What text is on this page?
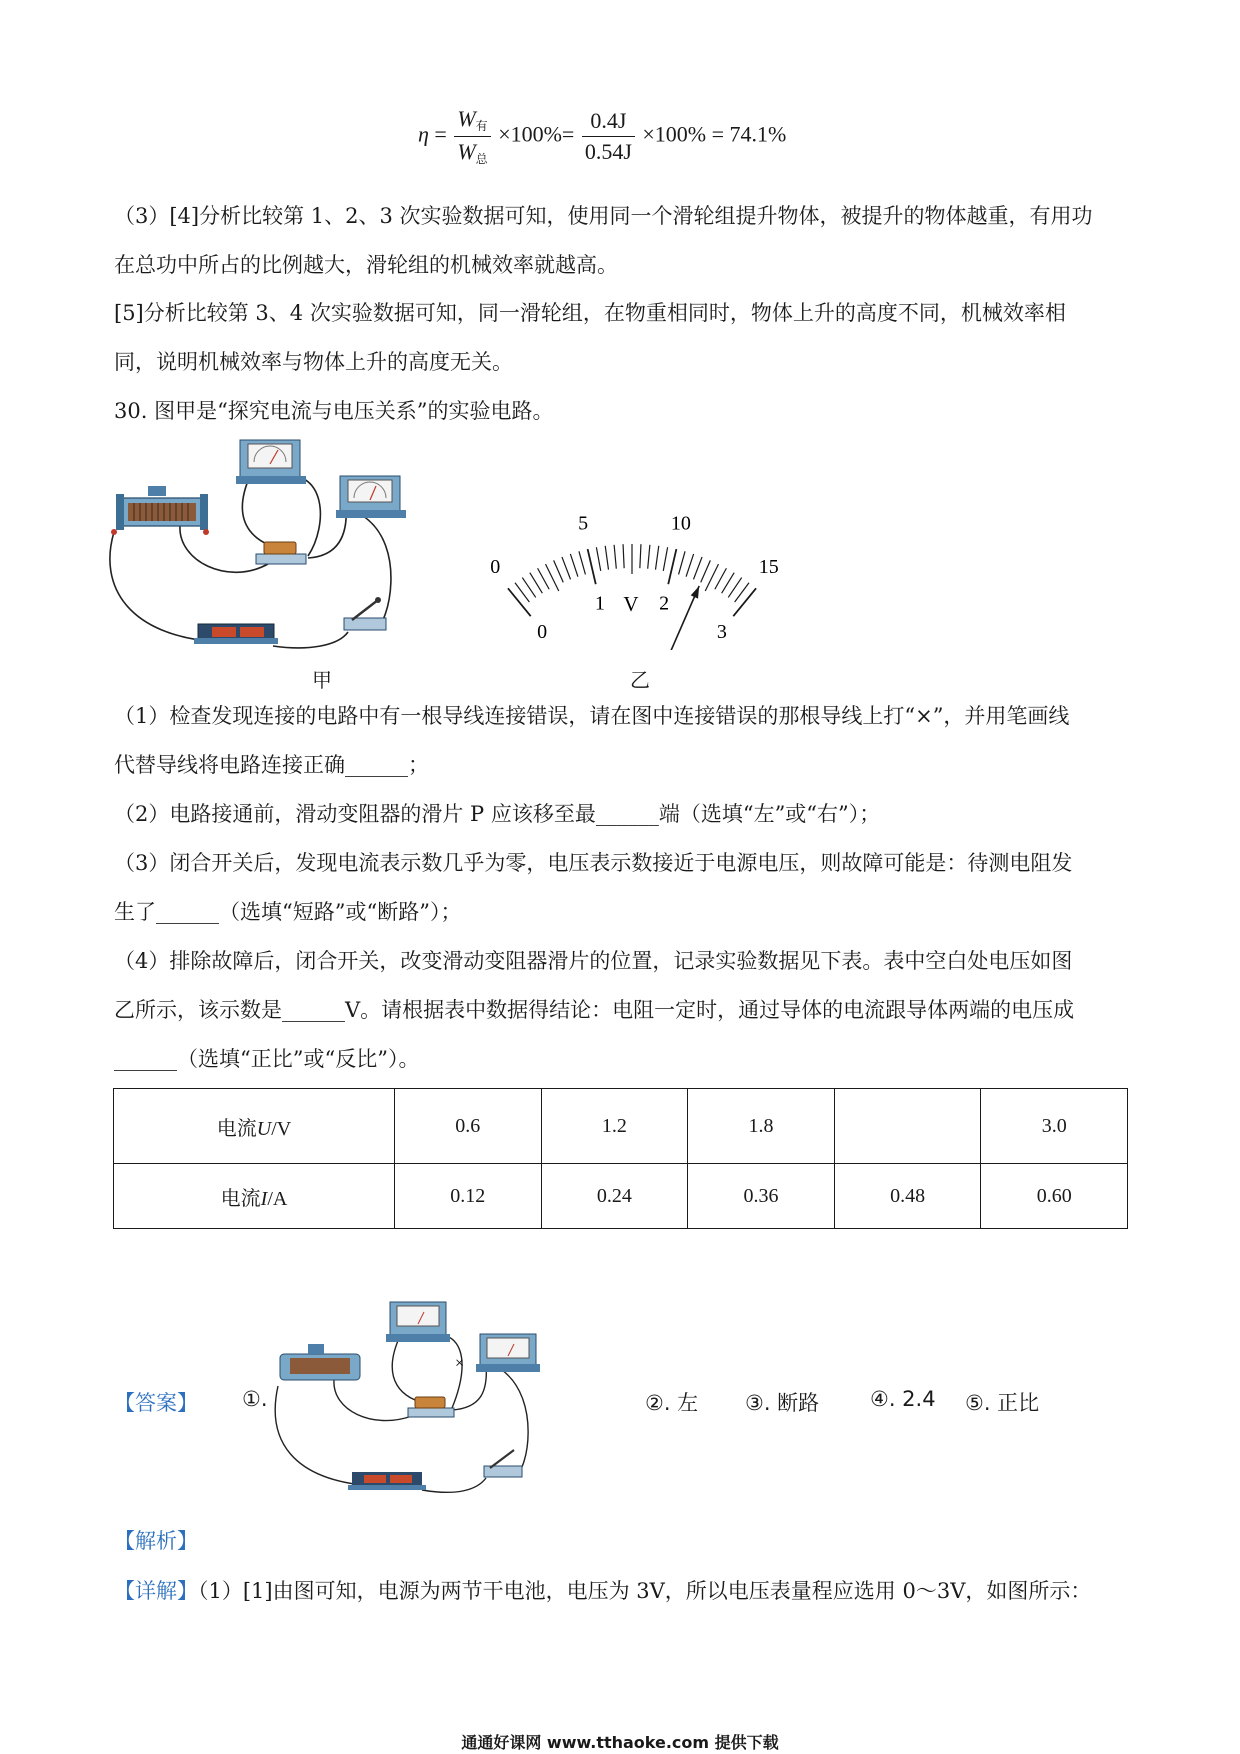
$\eta = \frac{W_有}{W_总} \times 100\%= \frac{0.4J}{0.54J} \times 100\% = 74.1\%$
（3）[4]分析比较第 1、2、3 次实验数据可知，使用同一个滑轮组提升物体，被提升的物体越重，有用功
在总功中所占的比例越大，滑轮组的机械效率就越高。
[5]分析比较第 3、4 次实验数据可知，同一滑轮组，在物重相同时，物体上升的高度不同，机械效率相
同，说明机械效率与物体上升的高度无关。
30. 图甲是“探究电流与电压关系”的实验电路。
0
5	10
15
0
1	2
3
V
甲	乙
（1）检查发现连接的电路中有一根导线连接错误，请在图中连接错误的那根导线上打“×”，并用笔画线
代替导线将电路连接正确______；
（2）电路接通前，滑动变阻器的滑片 P 应该移至最______端（选填“左”或“右”）；
（3）闭合开关后，发现电流表示数几乎为零，电压表示数接近于电源电压，则故障可能是：待测电阻发
生了______（选填“短路”或“断路”）；
（4）排除故障后，闭合开关，改变滑动变阻器滑片的位置，记录实验数据见下表。表中空白处电压如图
乙所示，该示数是______V。请根据表中数据得结论：电阻一定时，通过导体的电流跟导体两端的电压成
______（选填“正比”或“反比”）。
电流U/V	0.6	1.2	1.8		3.0
电流I/A	0.12	0.24	0.36	0.48	0.60
【答案】 ①.
×
②. 左 ③. 断路 ④. 2.4 ⑤. 正比
【解析】
【详解】（1）[1]由图可知，电源为两节干电池，电压为 3V，所以电压表量程应选用 0～3V，如图所示：
通通好课网 www.tthaoke.com 提供下载
